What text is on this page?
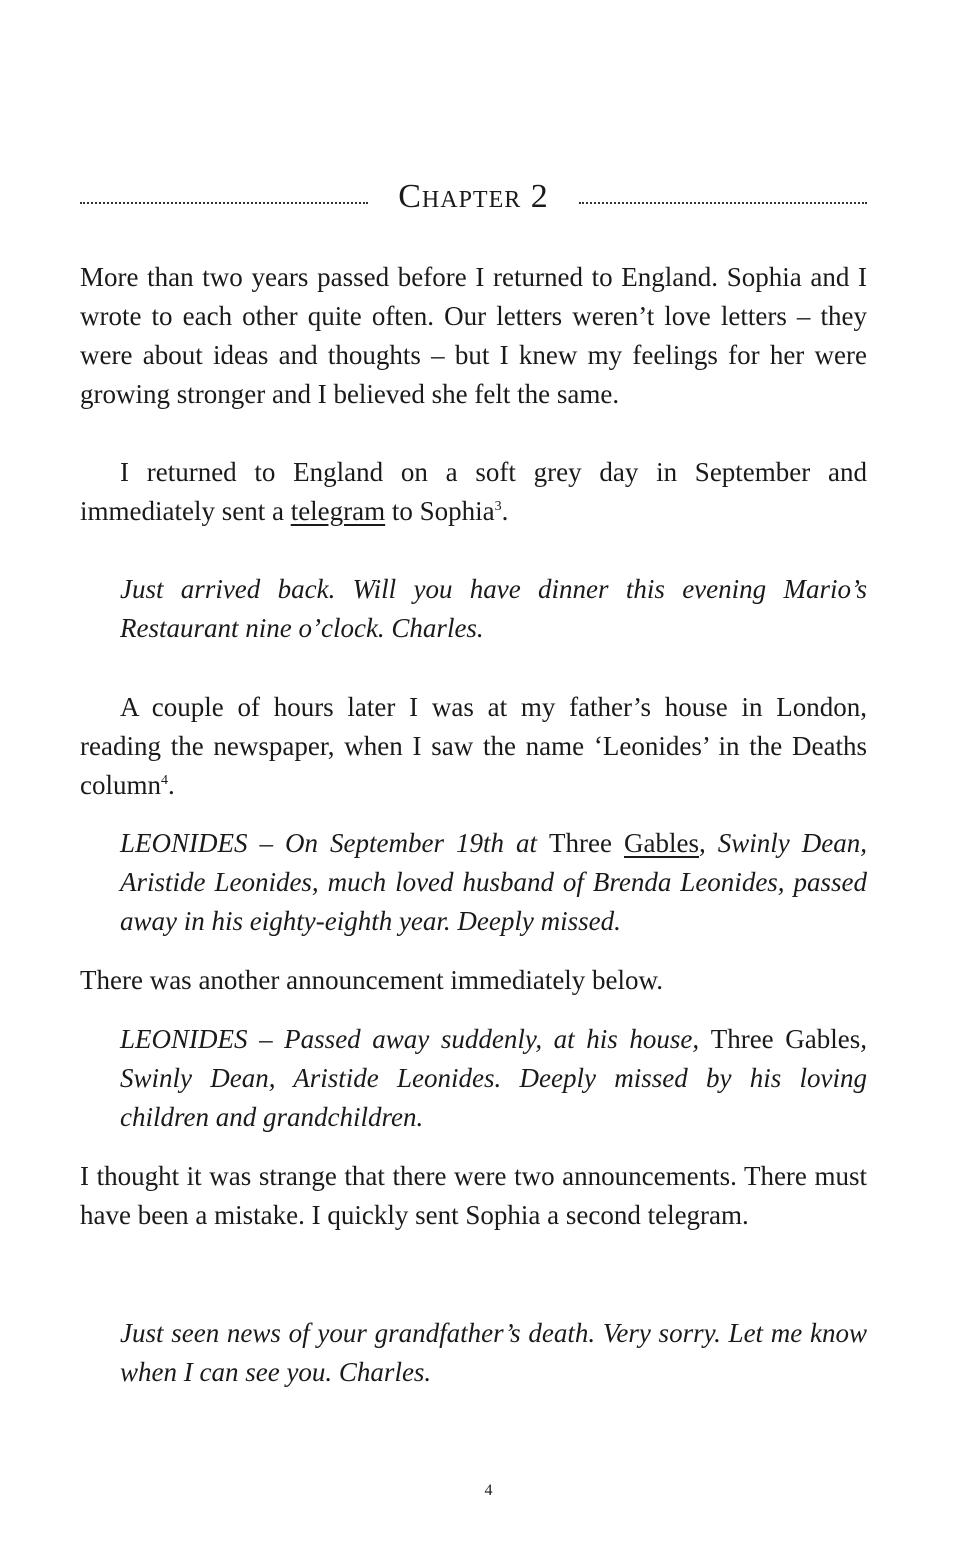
Chapter 2

More than two years passed before I returned to England. Sophia and I wrote to each other quite often. Our letters weren’t love letters – they were about ideas and thoughts – but I knew my feelings for her were growing stronger and I believed she felt the same.

I returned to England on a soft grey day in September and immediately sent a telegram to Sophia$^3$.

Just arrived back. Will you have dinner this evening Mario’s Restaurant nine o’clock. Charles.

A couple of hours later I was at my father’s house in London, reading the newspaper, when I saw the name ‘Leonides’ in the Deaths column$^4$.

LEONIDES – On September 19th at Three Gables, Swinly Dean, Aristide Leonides, much loved husband of Brenda Leonides, passed away in his eighty-eighth year. Deeply missed.

There was another announcement immediately below.

LEONIDES – Passed away suddenly, at his house, Three Gables, Swinly Dean, Aristide Leonides. Deeply missed by his loving children and grandchildren.

I thought it was strange that there were two announcements. There must have been a mistake. I quickly sent Sophia a second telegram.

Just seen news of your grandfather’s death. Very sorry. Let me know when I can see you. Charles.

4
